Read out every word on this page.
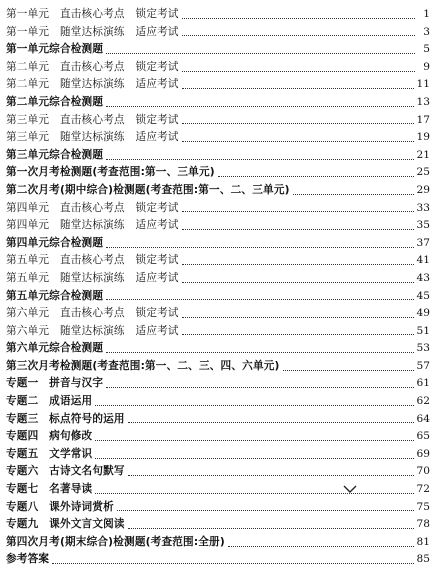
第一单元　直击核心考点　锁定考试	1
第一单元　随堂达标演练　适应考试	3
第一单元综合检测题	5
第二单元　直击核心考点　锁定考试	9
第二单元　随堂达标演练　适应考试	11
第二单元综合检测题	13
第三单元　直击核心考点　锁定考试	17
第三单元　随堂达标演练　适应考试	19
第三单元综合检测题	21
第一次月考检测题(考查范围:第一、三单元)	25
第二次月考(期中综合)检测题(考查范围:第一、二、三单元)	29
第四单元　直击核心考点　锁定考试	33
第四单元　随堂达标演练　适应考试	35
第四单元综合检测题	37
第五单元　直击核心考点　锁定考试	41
第五单元　随堂达标演练　适应考试	43
第五单元综合检测题	45
第六单元　直击核心考点　锁定考试	49
第六单元　随堂达标演练　适应考试	51
第六单元综合检测题	53
第三次月考检测题(考查范围:第一、二、三、四、六单元)	57
专题一　拼音与汉字	61
专题二　成语运用	62
专题三　标点符号的运用	64
专题四　病句修改	65
专题五　文学常识	69
专题六　古诗文名句默写	70
专题七　名著导读	72
专题八　课外诗词赏析	75
专题九　课外文言文阅读	78
第四次月考(期末综合)检测题(考查范围:全册)	81
参考答案	85
